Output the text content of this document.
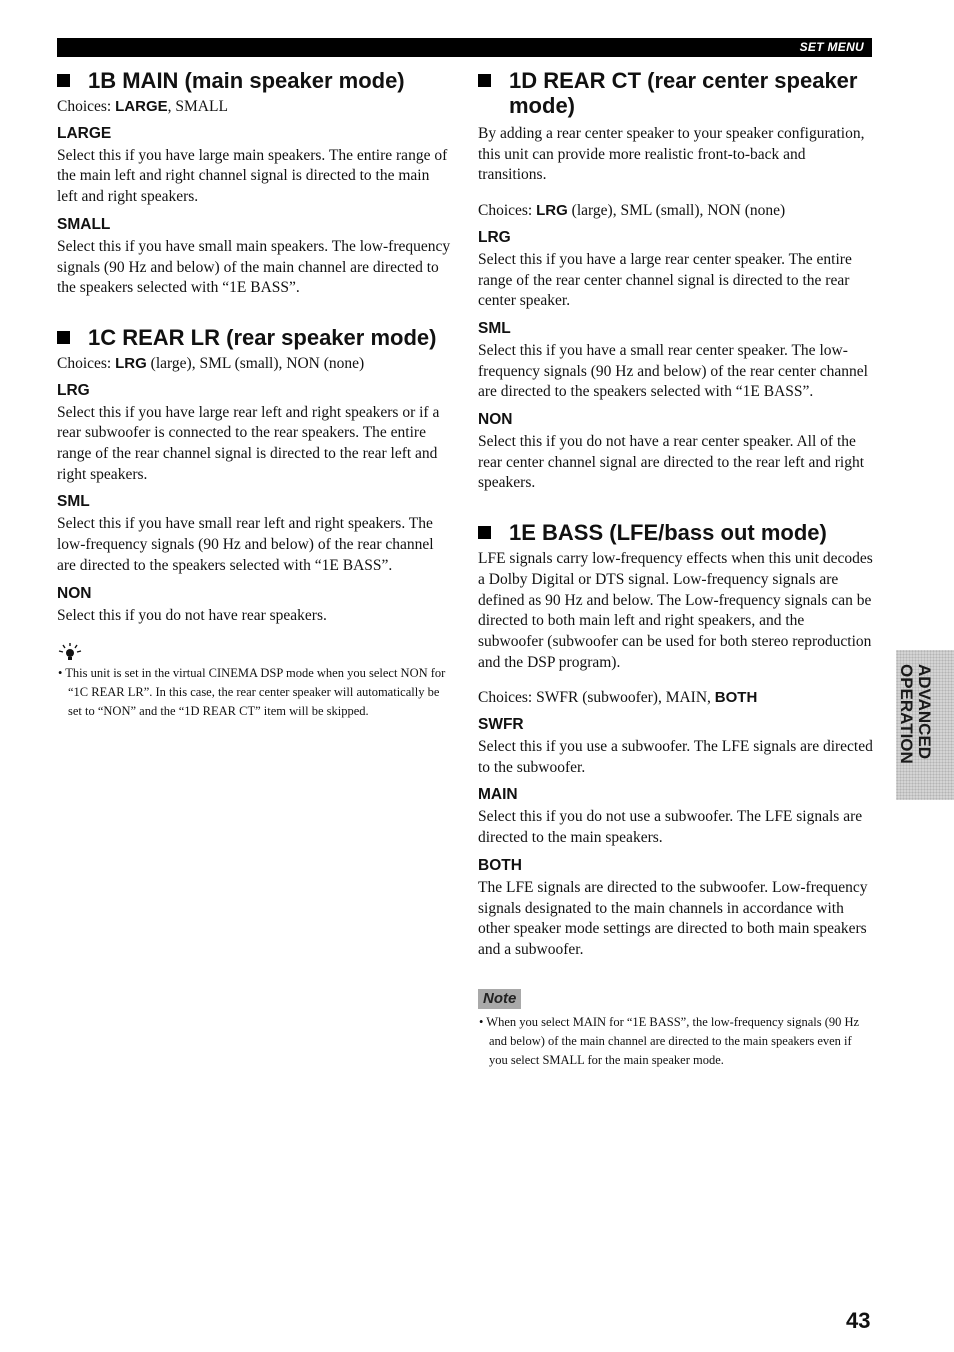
SET MENU
1B MAIN (main speaker mode)

Choices: LARGE, SMALL

LARGE

Select this if you have large main speakers. The entire range of the main left and right channel signal is directed to the main left and right speakers.

SMALL

Select this if you have small main speakers. The low-frequency signals (90 Hz and below) of the main channel are directed to the speakers selected with “1E BASS”.

1C REAR LR (rear speaker mode)

Choices: LRG (large), SML (small), NON (none)

LRG

Select this if you have large rear left and right speakers or if a rear subwoofer is connected to the rear speakers. The entire range of the rear channel signal is directed to the rear left and right speakers.

SML

Select this if you have small rear left and right speakers. The low-frequency signals (90 Hz and below) of the rear channel are directed to the speakers selected with “1E BASS”.

NON

Select this if you do not have rear speakers.

• This unit is set in the virtual CINEMA DSP mode when you select NON for “1C REAR LR”. In this case, the rear center speaker will automatically be set to “NON” and the “1D REAR CT” item will be skipped.

1D REAR CT (rear center speaker mode)

By adding a rear center speaker to your speaker configuration, this unit can provide more realistic front-to-back and transitions.

Choices: LRG (large), SML (small), NON (none)

LRG

Select this if you have a large rear center speaker. The entire range of the rear center channel signal is directed to the rear center speaker.

SML

Select this if you have a small rear center speaker. The low-frequency signals (90 Hz and below) of the rear center channel are directed to the speakers selected with “1E BASS”.

NON

Select this if you do not have a rear center speaker. All of the rear center channel signal are directed to the rear left and right speakers.

1E BASS (LFE/bass out mode)

LFE signals carry low-frequency effects when this unit decodes a Dolby Digital or DTS signal. Low-frequency signals are defined as 90 Hz and below. The Low-frequency signals can be directed to both main left and right speakers, and the subwoofer (subwoofer can be used for both stereo reproduction and the DSP program).

Choices: SWFR (subwoofer), MAIN, BOTH

SWFR

Select this if you use a subwoofer. The LFE signals are directed to the subwoofer.

MAIN

Select this if you do not use a subwoofer. The LFE signals are directed to the main speakers.

BOTH

The LFE signals are directed to the subwoofer. Low-frequency signals designated to the main channels in accordance with other speaker mode settings are directed to both main speakers and a subwoofer.

Note

• When you select MAIN for “1E BASS”, the low-frequency signals (90 Hz and below) of the main channel are directed to the main speakers even if you select SMALL for the main speaker mode.

ADVANCED
OPERATION
43
